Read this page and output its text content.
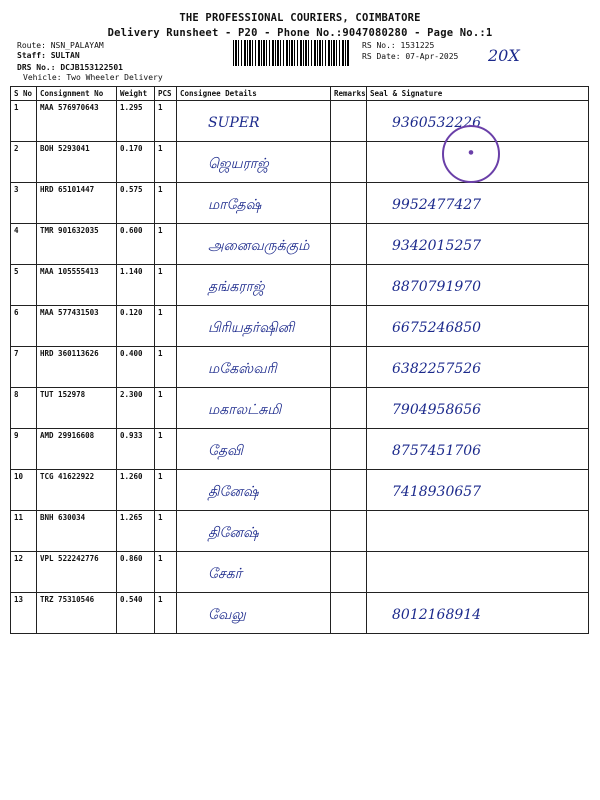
THE PROFESSIONAL COURIERS, COIMBATORE
Delivery Runsheet - P20 - Phone No.:9047080280 - Page No.:1
Route: NSN_PALAYAM
Staff: SULTAN
DRS No.: DCJB153122501
Vehicle: Two Wheeler Delivery
RS No.: 1531225
RS Date: 07-Apr-2025 20X
S No	Consignment No	Weight	PCS	Consignee Details	Remarks	Seal & Signature
1	MAA 576970643	1.295	1	SUPER		9360532226

2	BOH 5293041	0.170	1	ஜெயராஜ்		

3	HRD 65101447	0.575	1	மாதேஷ்		9952477427

4	TMR 901632035	0.600	1	அனைவருக்கும்		9342015257

5	MAA 105555413	1.140	1	தங்கராஜ்		8870791970

6	MAA 577431503	0.120	1	பிரியதர்ஷினி		6675246850

7	HRD 360113626	0.400	1	மகேஸ்வரி		6382257526

8	TUT 152978	2.300	1	மகாலட்சுமி		7904958656

9	AMD 29916608	0.933	1	தேவி		8757451706

10	TCG 41622922	1.260	1	தினேஷ்		7418930657

11	BNH 630034	1.265	1	தினேஷ்		

12	VPL 522242776	0.860	1	சேகர்		

13	TRZ 75310546	0.540	1	வேலு		8012168914
●
